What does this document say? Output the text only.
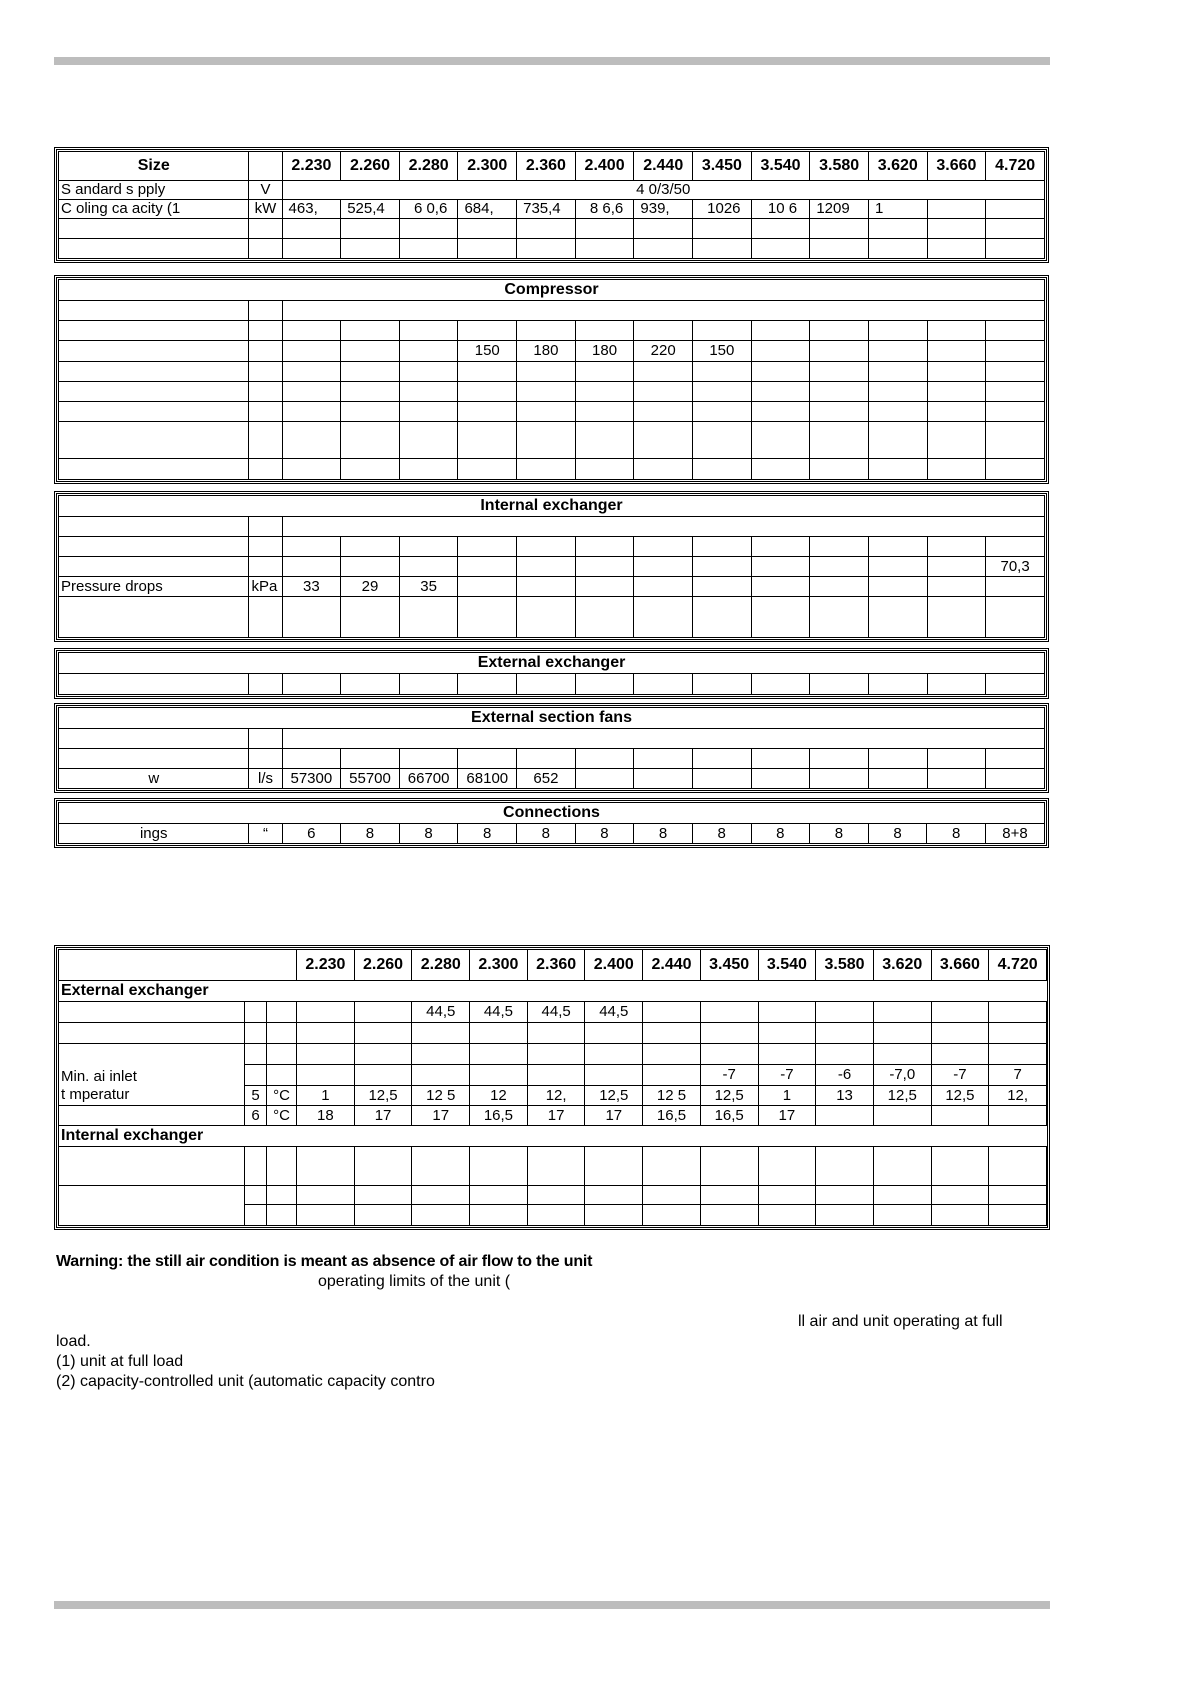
Size		2.230	2.260	2.280	2.300	2.360	2.400	2.440	3.450	3.540	3.580	3.620	3.660	4.720
S andard s pply	V	4 0/3/50												
C oling ca acity (1	kW	463,	525,4	6 0,6	684,	735,4	8 6,6	939,	1026	10 6	1209	1		

Compressor														

					150	180	180	220	150					

Internal exchanger														

														70,3
Pressure drops	kPa	33	29	35										

External exchanger

External section fans														

w	l/s	57300	55700	66700	68100	652								
Connections
ings	“	6	8	8	8	8	8	8	8	8	8	8	8	8+8
			2.230	2.260	2.280	2.300	2.360	2.400	2.440	3.450	3.540	3.580	3.620	3.660	4.720
External exchanger															
					44,5	44,5	44,5	44,5							

Min. ai inlet										-7	-7	-6	-7,0	-7	7
t mperatur	5	°C	1	12,5	12 5	12	12,	12,5	12 5	12,5	1	13	12,5	12,5	12,
	6	°C	18	17	17	16,5	17	17	16,5	16,5	17				
Internal exchanger															

Warning: the still air condition is meant as absence of air flow to the unit
operating limits of the unit (
ll air and unit operating at full
load.
(1) unit at full load
(2) capacity-controlled unit (automatic capacity contro
